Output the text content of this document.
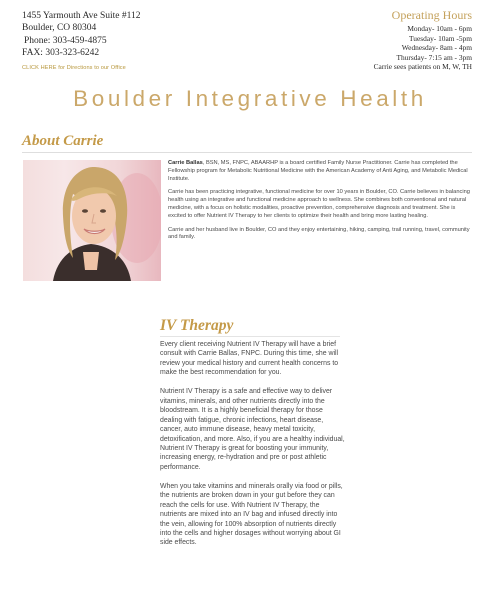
1455 Yarmouth Ave Suite #112
Boulder, CO 80304
Phone: 303-459-4875
FAX: 303-323-6242
CLICK HERE for Directions to our Office
Operating Hours
Monday- 10am - 6pm
Tuesday- 10am -5pm
Wednesday- 8am - 4pm
Thursday- 7:15 am - 3pm
Carrie sees patients on M, W, TH
Boulder Integrative Health
About Carrie

Carrie Ballas, BSN, MS, FNPC, ABAARHP is a board certified Family Nurse Practitioner. Carrie has completed the Fellowship program for Metabolic Nutritional Medicine with the American Academy of Anti Aging, and Metabolic Medical Institute.

Carrie has been practicing integrative, functional medicine for over 10 years in Boulder, CO. Carrie believes in balancing health using an integrative and functional medicine approach to wellness. She combines both conventional and natural medicine, with a focus on holistic modalities, proactive prevention, comprehensive diagnosis and treatment. She is excited to offer Nutrient IV Therapy to her clients to optimize their health and bring more lasting healing.

Carrie and her husband live in Boulder, CO and they enjoy entertaining, hiking, camping, trail running, travel, community and family.

IV Therapy

Every client receiving Nutrient IV Therapy will have a brief consult with Carrie Ballas, FNPC. During this time, she will review your medical history and current health concerns to make the best recommendation for you.

Nutrient IV Therapy is a safe and effective way to deliver vitamins, minerals, and other nutrients directly into the bloodstream. It is a highly beneficial therapy for those dealing with fatigue, chronic infections, heart disease, cancer, auto immune disease, heavy metal toxicity, detoxification, and more. Also, if you are a healthy individual, Nutrient IV Therapy is great for boosting your immunity, increasing energy, re-hydration and pre or post athletic performance.

When you take vitamins and minerals orally via food or pills, the nutrients are broken down in your gut before they can reach the cells for use. With Nutrient IV Therapy, the nutrients are mixed into an IV bag and infused directly into the vein, allowing for 100% absorption of nutrients directly into the cells and higher dosages without worrying about GI side effects.
